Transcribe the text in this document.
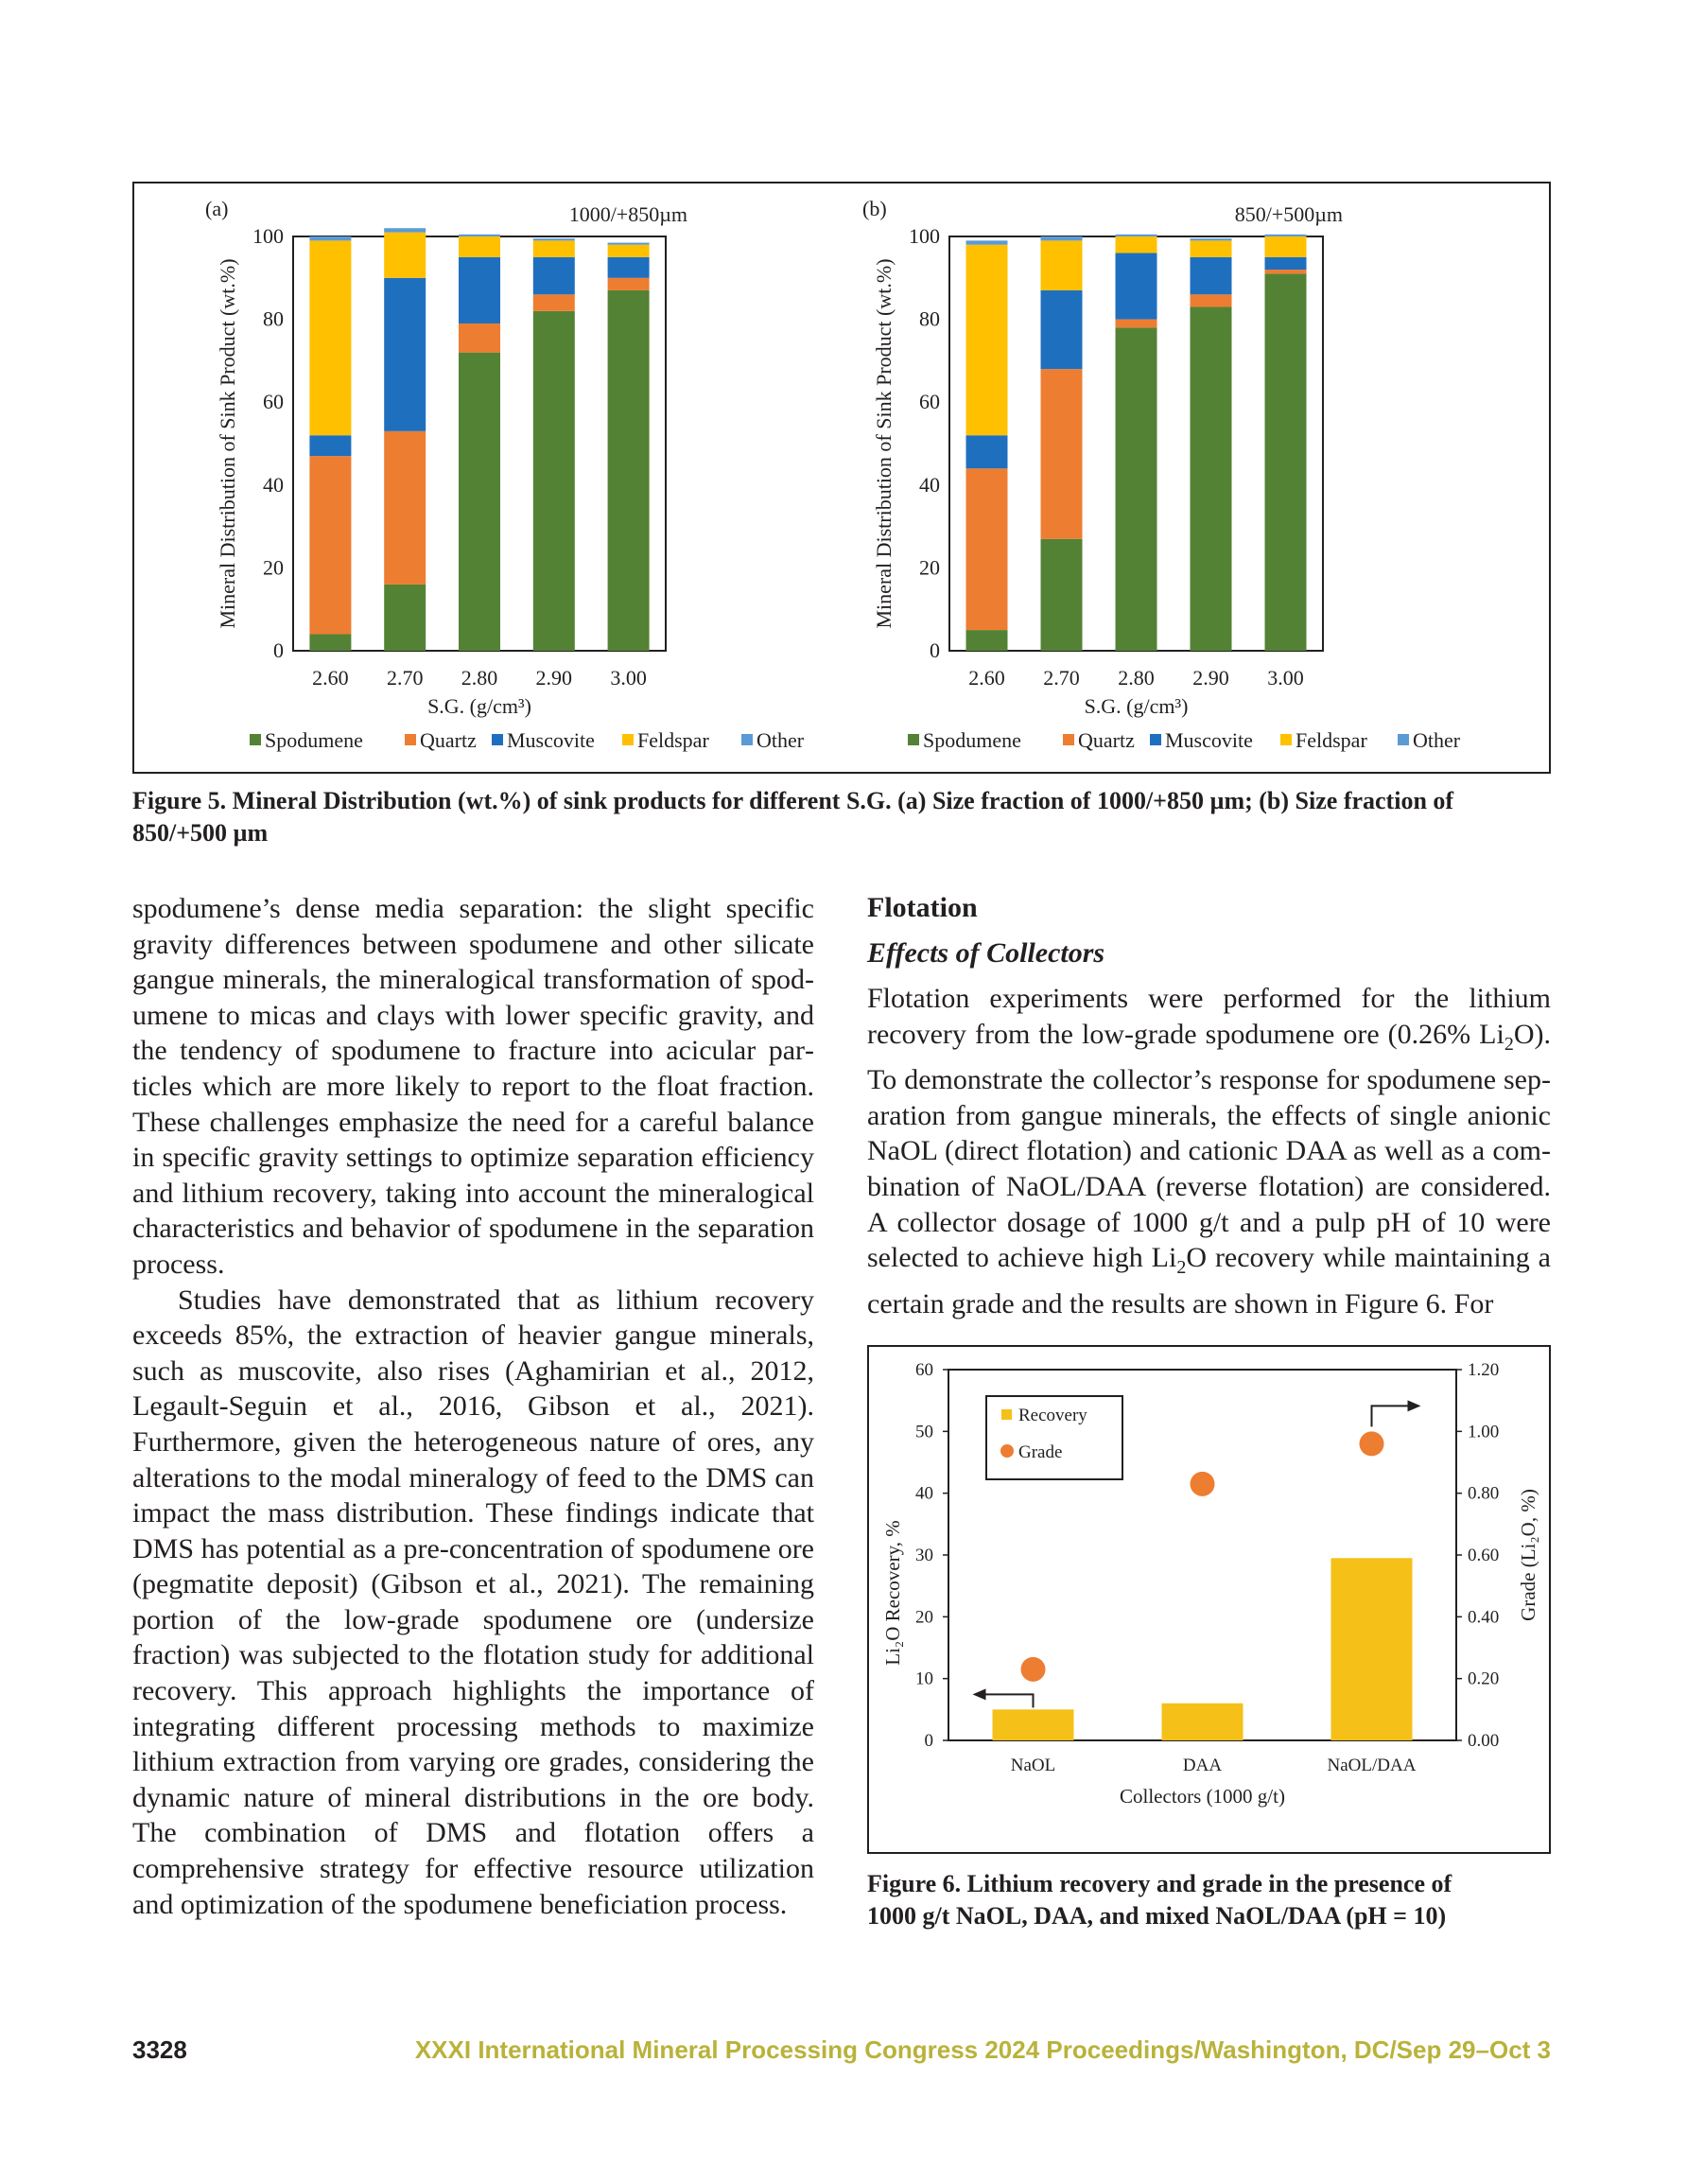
(a)	1000/+850µm
0
20
40
60
80
100
Mineral Distribution of Sink Product (wt.%)
2.60 2.70 2.80 2.90 3.00
S.G. (g/cm³)
Spodumene	Quartz Muscovite Feldspar Other
(b)	850/+500µm
0
20
40
60
80
100
Mineral Distribution of Sink Product (wt.%)
2.60 2.70 2.80 2.90 3.00
S.G. (g/cm³)
Spodumene	Quartz Muscovite Feldspar Other
Figure 5. Mineral Distribution (wt.%) of sink products for different S.G. (a) Size fraction of 1000/+850 µm; (b) Size fraction of 850/+500 µm

spodumene’s dense media separation: the slight specific gravity differences between spodumene and other silicate gangue minerals, the mineralogical transformation of spodumene to micas and clays with lower specific gravity, and the tendency of spodumene to fracture into acicular particles which are more likely to report to the float fraction. These challenges emphasize the need for a careful balance in specific gravity settings to optimize separation efficiency and lithium recovery, taking into account the mineralogical characteristics and behavior of spodumene in the separation process.

Studies have demonstrated that as lithium recovery exceeds 85%, the extraction of heavier gangue minerals, such as muscovite, also rises (Aghamirian et al., 2012, Legault-Seguin et al., 2016, Gibson et al., 2021). Furthermore, given the heterogeneous nature of ores, any alterations to the modal mineralogy of feed to the DMS can impact the mass distribution. These findings indicate that DMS has potential as a pre-concentration of spodumene ore (pegmatite deposit) (Gibson et al., 2021). The remaining portion of the low-grade spodumene ore (undersize fraction) was subjected to the flotation study for additional recovery. This approach highlights the importance of integrating different processing methods to maximize lithium extraction from varying ore grades, considering the dynamic nature of mineral distributions in the ore body. The combination of DMS and flotation offers a comprehensive strategy for effective resource utilization and optimization of the spodumene beneficiation process.

Flotation
Effects of Collectors

Flotation experiments were performed for the lithium recovery from the low-grade spodumene ore (0.26% $Li_2O$). To demonstrate the collector’s response for spodumene separation from gangue minerals, the effects of single anionic NaOL (direct flotation) and cationic DAA as well as a combination of NaOL/DAA (reverse flotation) are considered. A collector dosage of 1000 g/t and a pulp pH of 10 were selected to achieve high $Li_2O$ recovery while maintaining a certain grade and the results are shown in Figure 6. For

0
10
20
30
40
50
60
0.00
0.20
0.40
0.60
0.80
1.00
1.20
Li₂O Recovery, %	Grade (Li₂O, %)
NaOL	DAA	NaOL/DAA
Collectors (1000 g/t)
Recovery
Grade
Figure 6. Lithium recovery and grade in the presence of
1000 g/t NaOL, DAA, and mixed NaOL/DAA (pH = 10)
3328	XXXI International Mineral Processing Congress 2024 Proceedings/Washington, DC/Sep 29–Oct 3
